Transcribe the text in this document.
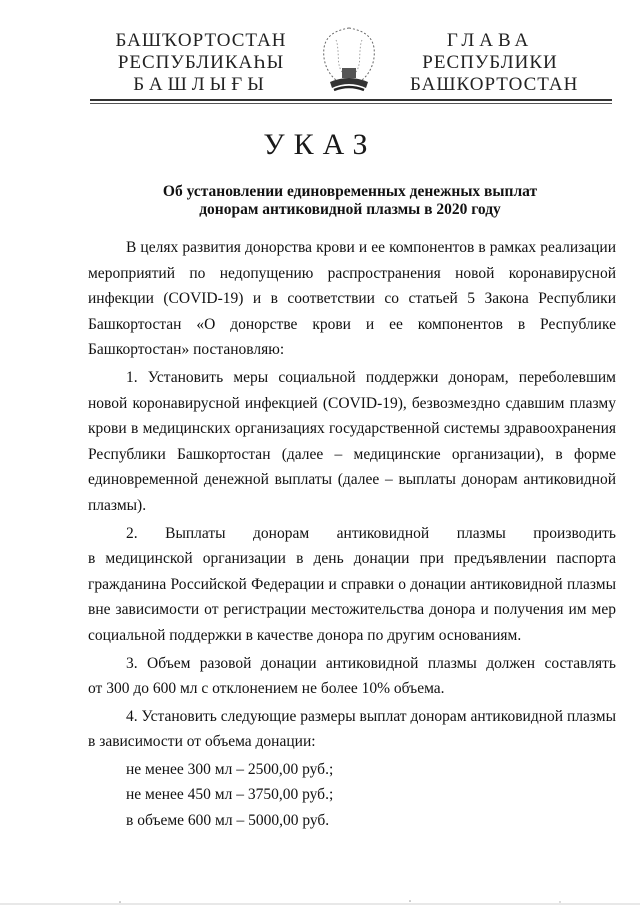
БАШҠОРТОСТАН
РЕСПУБЛИКАҺЫ
БАШЛЫҒЫ
ГЛАВА
РЕСПУБЛИКИ
БАШКОРТОСТАН
УКАЗ
Об установлении единовременных денежных выплат
донорам антиковидной плазмы в 2020 году
В целях развития донорства крови и ее компонентов в рамках реализации
мероприятий по недопущению распространения новой коронавирусной
инфекции (COVID-19) и в соответствии со статьей 5 Закона Республики
Башкортостан «О донорстве крови и ее компонентов в Республике
Башкортостан» постановляю:
1. Установить меры социальной поддержки донорам, переболевшим
новой коронавирусной инфекцией (COVID-19), безвозмездно сдавшим плазму
крови в медицинских организациях государственной системы здравоохранения
Республики Башкортостан (далее – медицинские организации), в форме
единовременной денежной выплаты (далее – выплаты донорам антиковидной
плазмы).
2. Выплаты донорам антиковидной плазмы производить
в медицинской организации в день донации при предъявлении паспорта
гражданина Российской Федерации и справки о донации антиковидной плазмы
вне зависимости от регистрации местожительства донора и получения им мер
социальной поддержки в качестве донора по другим основаниям.
3. Объем разовой донации антиковидной плазмы должен составлять
от 300 до 600 мл с отклонением не более 10% объема.
4. Установить следующие размеры выплат донорам антиковидной плазмы
в зависимости от объема донации:
не менее 300 мл – 2500,00 руб.;
не менее 450 мл – 3750,00 руб.;
в объеме 600 мл – 5000,00 руб.
